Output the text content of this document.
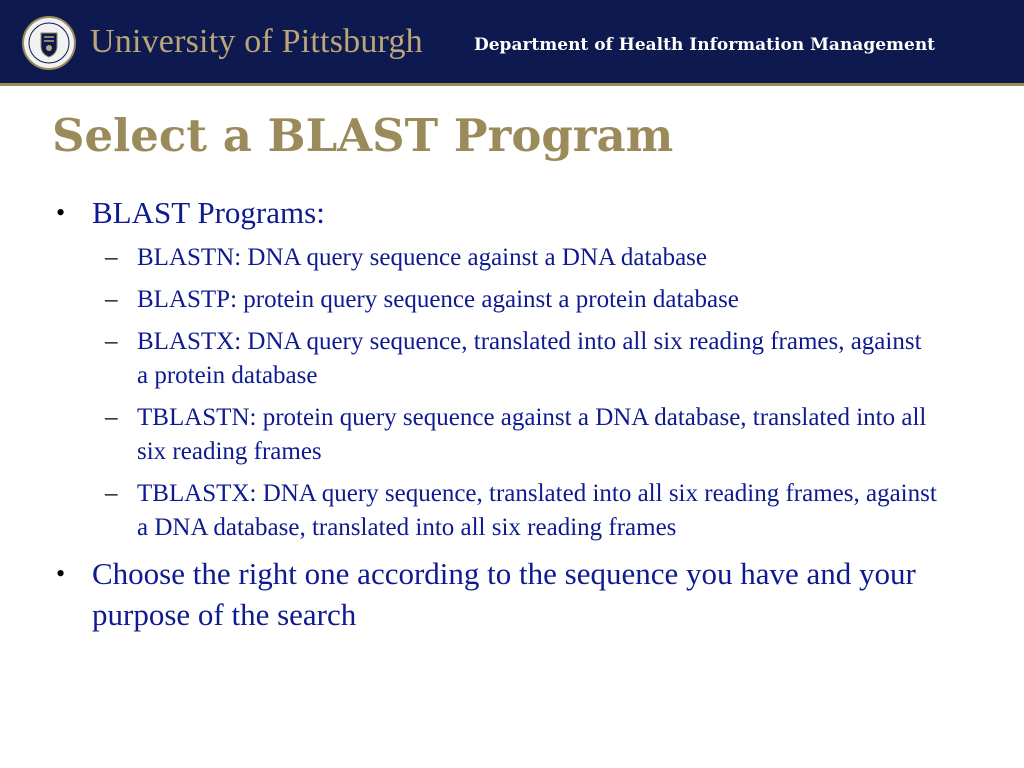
University of Pittsburgh	Department of Health Information Management
Select a BLAST Program
• BLAST Programs:
– BLASTN: DNA query sequence against a DNA database
– BLASTP: protein query sequence against a protein database
– BLASTX: DNA query sequence, translated into all six reading frames, against a protein database
– TBLASTN: protein query sequence against a DNA database, translated into all six reading frames
– TBLASTX: DNA query sequence, translated into all six reading frames, against a DNA database, translated into all six reading frames
• Choose the right one according to the sequence you have and your purpose of the search
